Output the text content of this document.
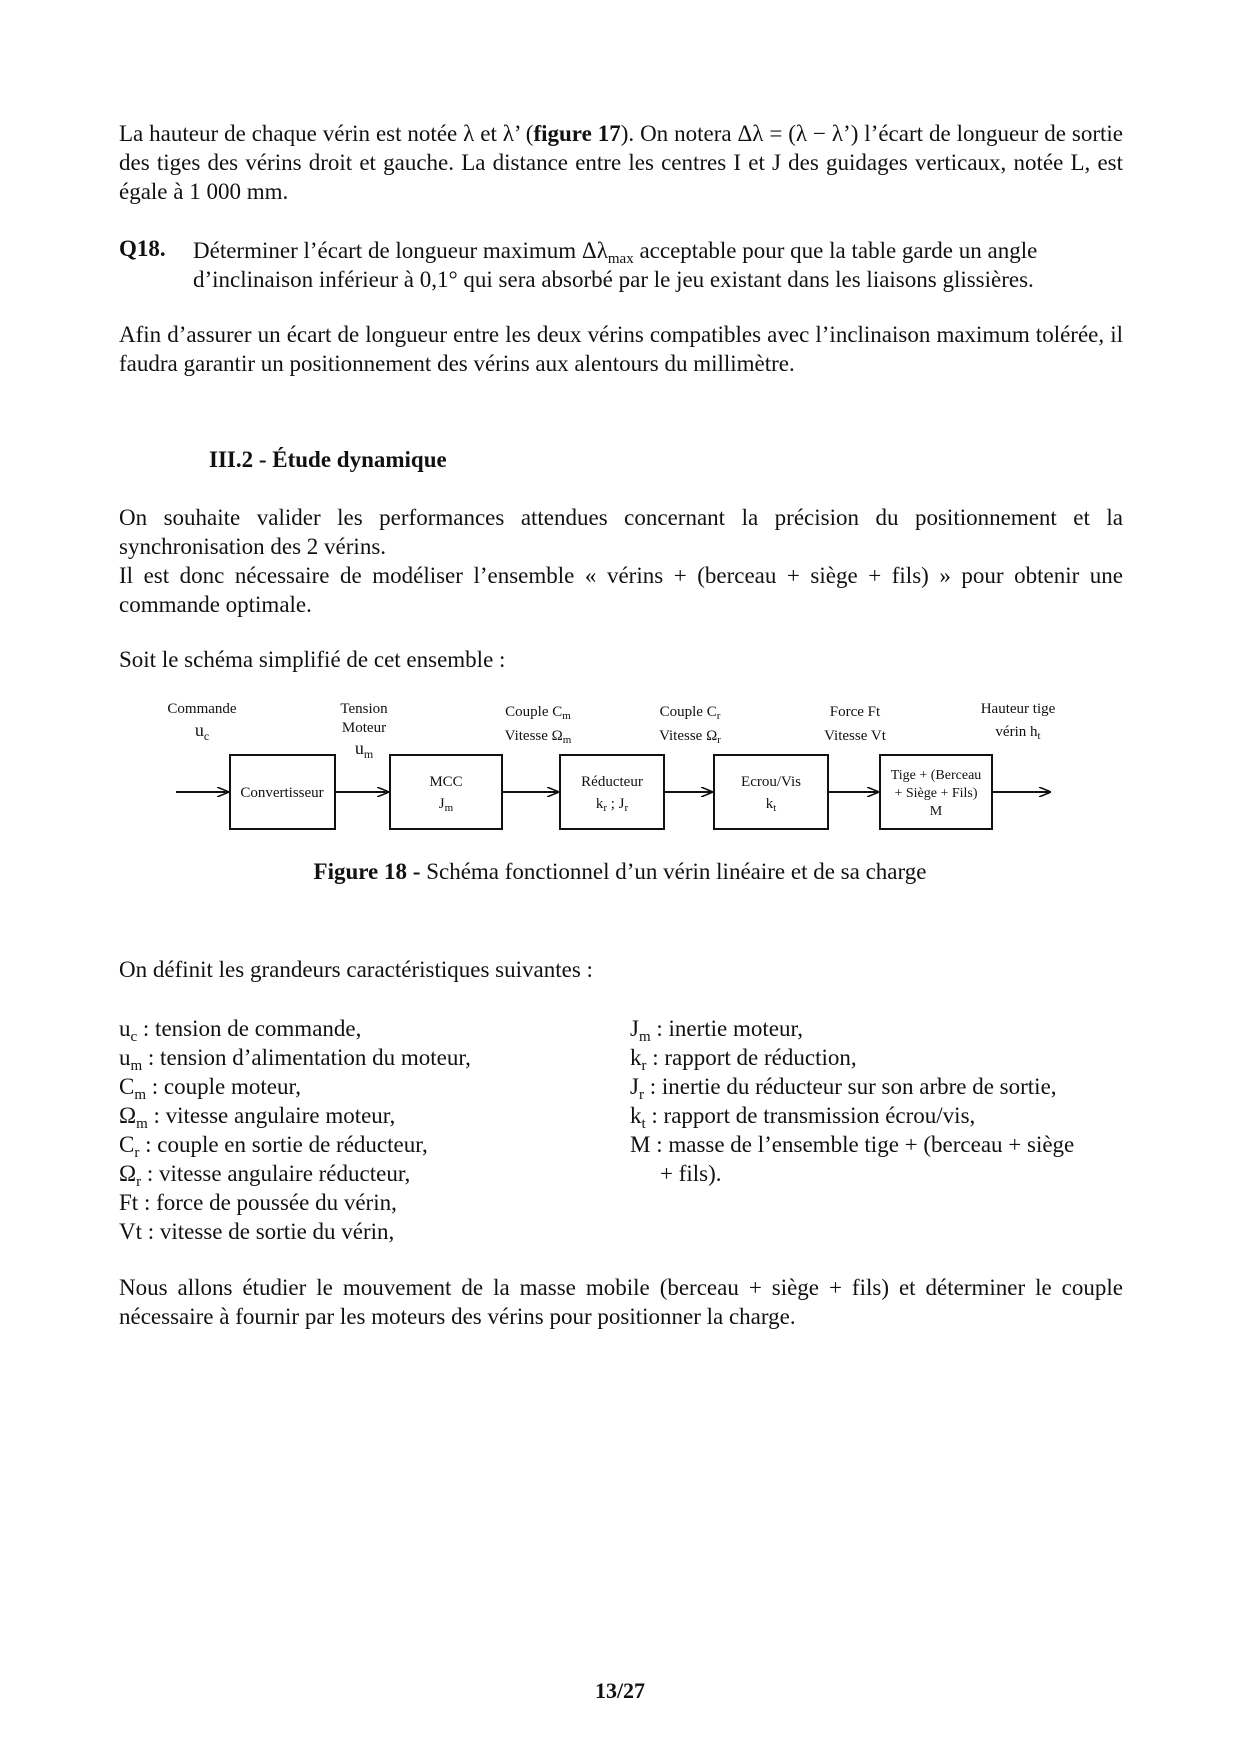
La hauteur de chaque vérin est notée λ et λ’ (figure 17). On notera Δλ = (λ − λ’) l’écart de longueur de sortie des tiges des vérins droit et gauche. La distance entre les centres I et J des guidages verticaux, notée L, est égale à 1 000 mm.
Q18. Déterminer l’écart de longueur maximum $\Delta\lambda_{max}$ acceptable pour que la table garde un angle d’inclinaison inférieur à 0,1° qui sera absorbé par le jeu existant dans les liaisons glissières.
Afin d’assurer un écart de longueur entre les deux vérins compatibles avec l’inclinaison maximum tolérée, il faudra garantir un positionnement des vérins aux alentours du millimètre.
III.2 - Étude dynamique
On souhaite valider les performances attendues concernant la précision du positionnement et la synchronisation des 2 vérins.
Il est donc nécessaire de modéliser l’ensemble « vérins + (berceau + siège + fils) » pour obtenir une commande optimale.
Soit le schéma simplifié de cet ensemble :
Commande
$u_c$
Tension
Moteur
$u_m$
Couple $C_m$
Vitesse $\Omega_m$
Couple $C_r$
Vitesse $\Omega_r$
Force Ft
Vitesse Vt
Hauteur tige
vérin $h_t$
Convertisseur
MCC
$J_m$
Réducteur
$k_r$ ; $J_r$
Ecrou/Vis
$k_t$
Tige + (Berceau
+ Siège + Fils)
M
Figure 18 - Schéma fonctionnel d’un vérin linéaire et de sa charge
On définit les grandeurs caractéristiques suivantes :
$u_c$ : tension de commande,
$u_m$ : tension d’alimentation du moteur,
$C_m$ : couple moteur,
$\Omega_m$ : vitesse angulaire moteur,
$C_r$ : couple en sortie de réducteur,
$\Omega_r$ : vitesse angulaire réducteur,
Ft : force de poussée du vérin,
Vt : vitesse de sortie du vérin,
$J_m$ : inertie moteur,
$k_r$ : rapport de réduction,
$J_r$ : inertie du réducteur sur son arbre de sortie,
$k_t$ : rapport de transmission écrou/vis,
M : masse de l’ensemble tige + (berceau + siège
+ fils).
Nous allons étudier le mouvement de la masse mobile (berceau + siège + fils) et déterminer le couple nécessaire à fournir par les moteurs des vérins pour positionner la charge.
13/27
